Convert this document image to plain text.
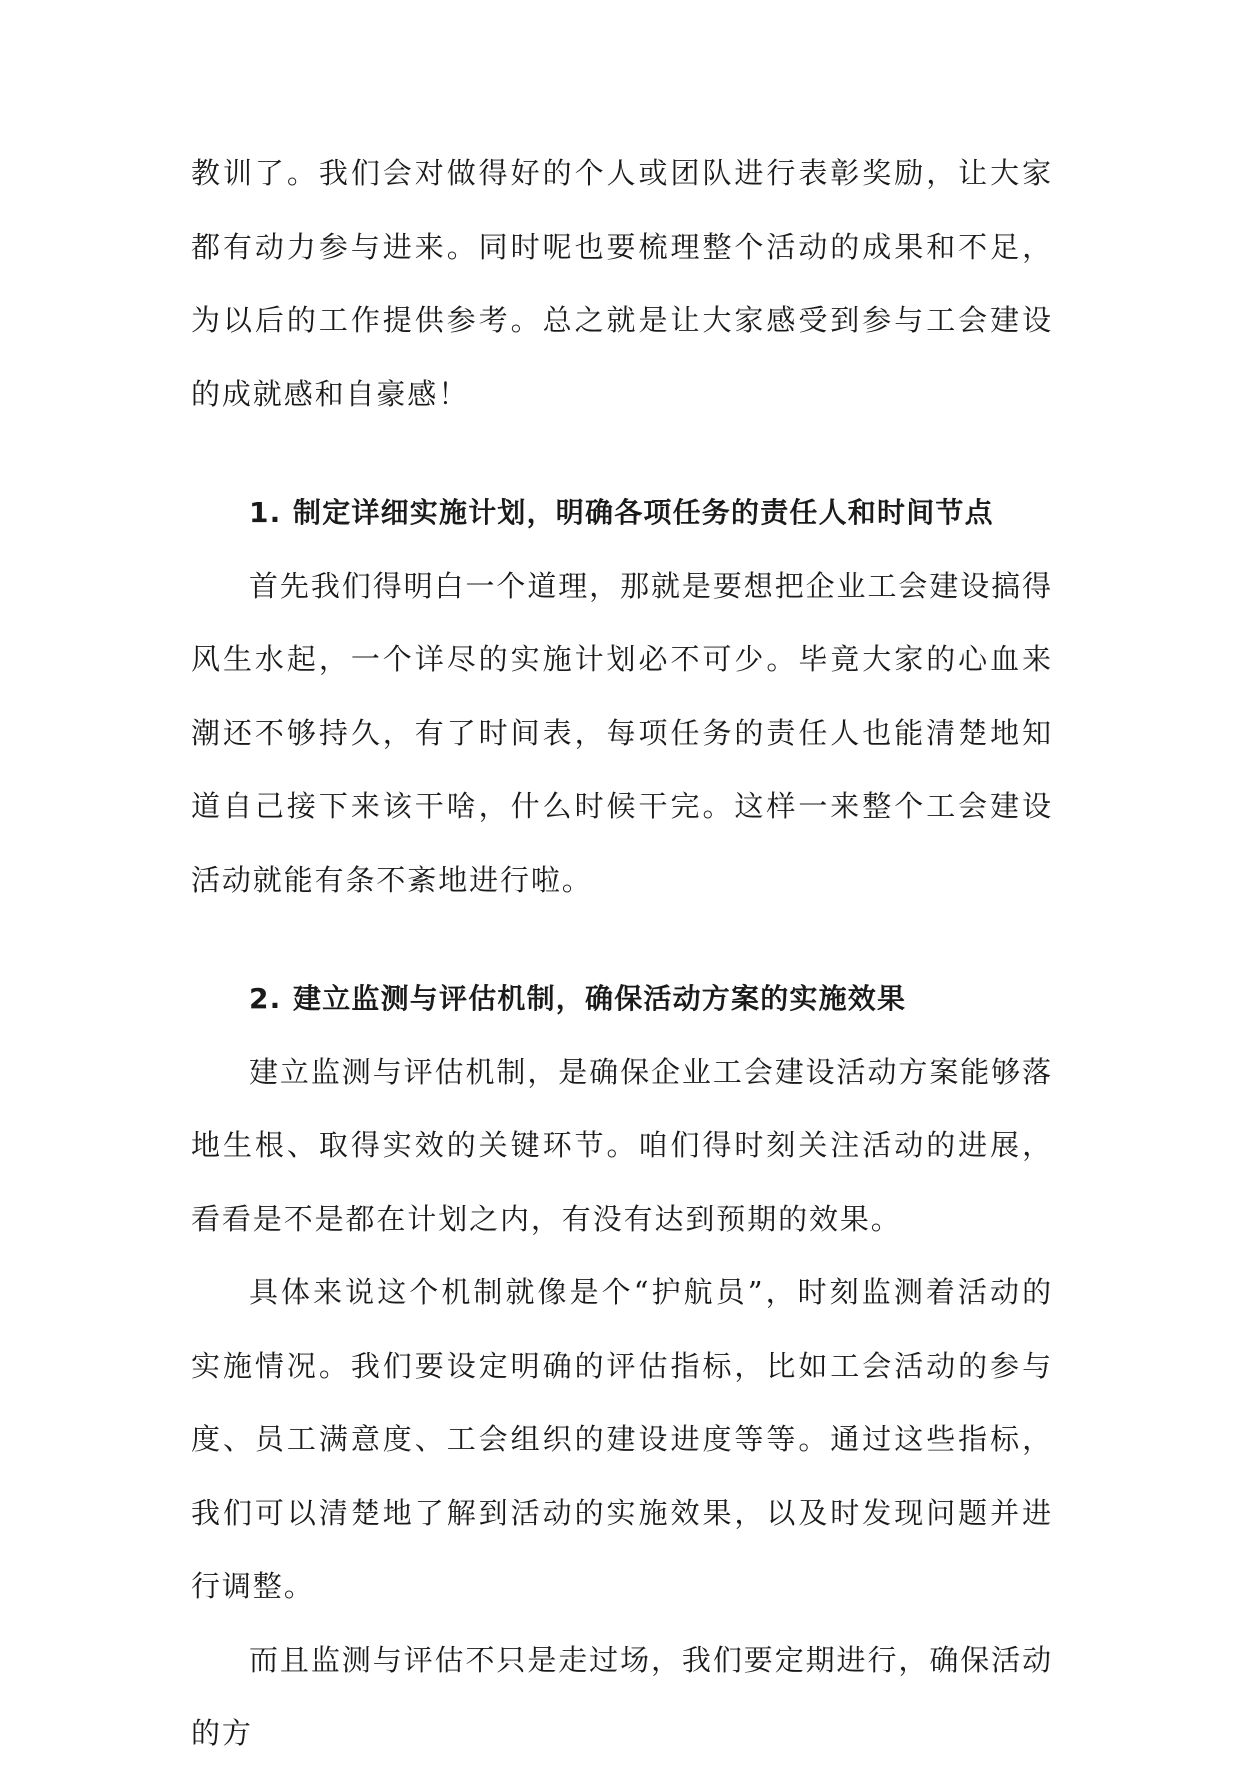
教训了。我们会对做得好的个人或团队进行表彰奖励，让大家都有动力参与进来。同时呢也要梳理整个活动的成果和不足，为以后的工作提供参考。总之就是让大家感受到参与工会建设的成就感和自豪感！

1. 制定详细实施计划，明确各项任务的责任人和时间节点

首先我们得明白一个道理，那就是要想把企业工会建设搞得风生水起，一个详尽的实施计划必不可少。毕竟大家的心血来潮还不够持久，有了时间表，每项任务的责任人也能清楚地知道自己接下来该干啥，什么时候干完。这样一来整个工会建设活动就能有条不紊地进行啦。

2. 建立监测与评估机制，确保活动方案的实施效果

建立监测与评估机制，是确保企业工会建设活动方案能够落地生根、取得实效的关键环节。咱们得时刻关注活动的进展，看看是不是都在计划之内，有没有达到预期的效果。

具体来说这个机制就像是个“护航员”，时刻监测着活动的实施情况。我们要设定明确的评估指标，比如工会活动的参与度、员工满意度、工会组织的建设进度等等。通过这些指标，我们可以清楚地了解到活动的实施效果，以及时发现问题并进行调整。

而且监测与评估不只是走过场，我们要定期进行，确保活动的方
